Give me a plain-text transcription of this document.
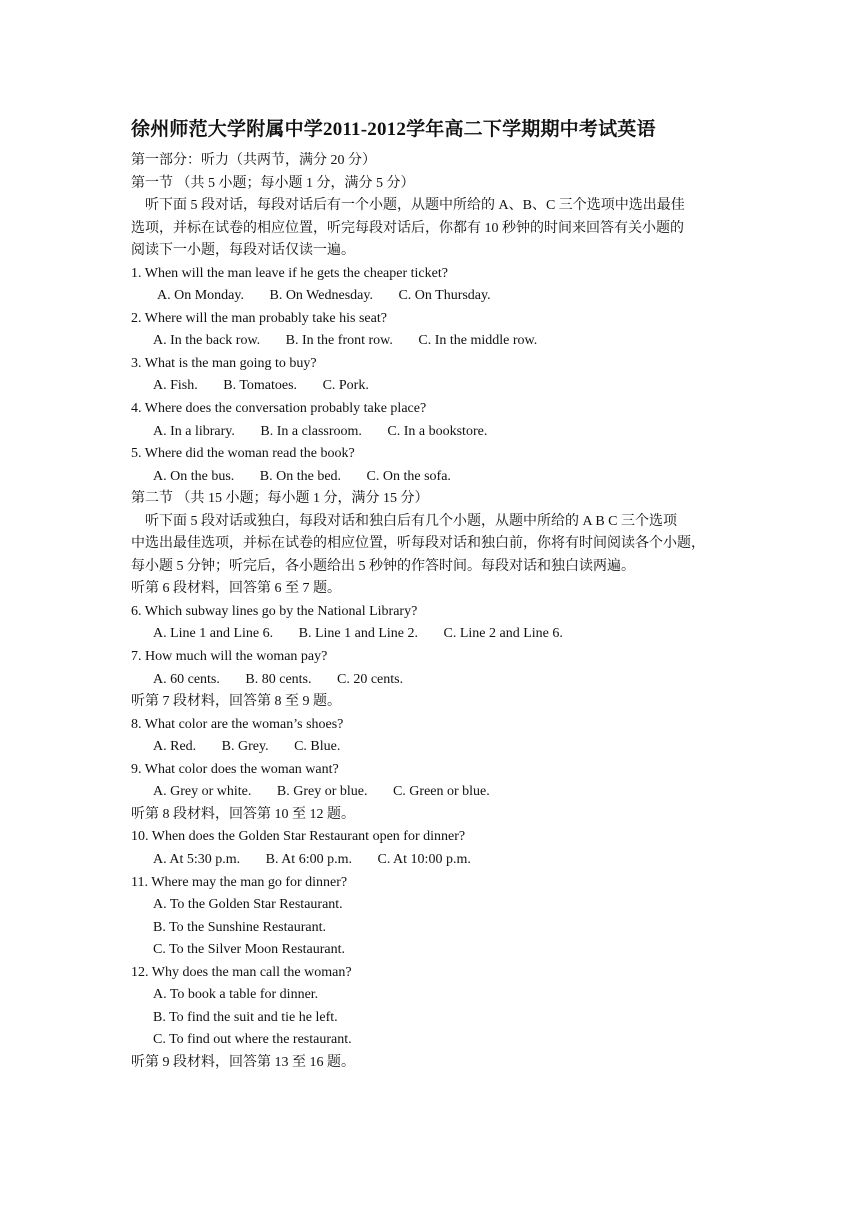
徐州师范大学附属中学2011-2012学年高二下学期期中考试英语
第一部分：听力（共两节，满分 20 分）
第一节 （共 5 小题；每小题 1 分，满分 5 分）
听下面 5 段对话，每段对话后有一个小题，从题中所给的 A、B、C 三个选项中选出最佳
选项，并标在试卷的相应位置，听完每段对话后，你都有 10 秒钟的时间来回答有关小题的
阅读下一小题，每段对话仅读一遍。
1. When will the man leave if he gets the cheaper ticket?
A. On Monday. B. On Wednesday. C. On Thursday.
2. Where will the man probably take his seat?
A. In the back row. B. In the front row. C. In the middle row.
3. What is the man going to buy?
A. Fish. B. Tomatoes. C. Pork.
4. Where does the conversation probably take place?
A. In a library. B. In a classroom. C. In a bookstore.
5. Where did the woman read the book?
A. On the bus. B. On the bed. C. On the sofa.
第二节 （共 15 小题；每小题 1 分，满分 15 分）
听下面 5 段对话或独白，每段对话和独白后有几个小题，从题中所给的 A B C 三个选项
中选出最佳选项，并标在试卷的相应位置，听每段对话和独白前，你将有时间阅读各个小题，
每小题 5 分钟；听完后，各小题给出 5 秒钟的作答时间。每段对话和独白读两遍。
听第 6 段材料，回答第 6 至 7 题。
6. Which subway lines go by the National Library?
A. Line 1 and Line 6. B. Line 1 and Line 2. C. Line 2 and Line 6.
7. How much will the woman pay?
A. 60 cents. B. 80 cents. C. 20 cents.
听第 7 段材料，回答第 8 至 9 题。
8. What color are the woman’s shoes?
A. Red. B. Grey. C. Blue.
9. What color does the woman want?
A. Grey or white. B. Grey or blue. C. Green or blue.
听第 8 段材料，回答第 10 至 12 题。
10. When does the Golden Star Restaurant open for dinner?
A. At 5:30 p.m. B. At 6:00 p.m. C. At 10:00 p.m.
11. Where may the man go for dinner?
A. To the Golden Star Restaurant.
B. To the Sunshine Restaurant.
C. To the Silver Moon Restaurant.
12. Why does the man call the woman?
A. To book a table for dinner.
B. To find the suit and tie he left.
C. To find out where the restaurant.
听第 9 段材料，回答第 13 至 16 题。
